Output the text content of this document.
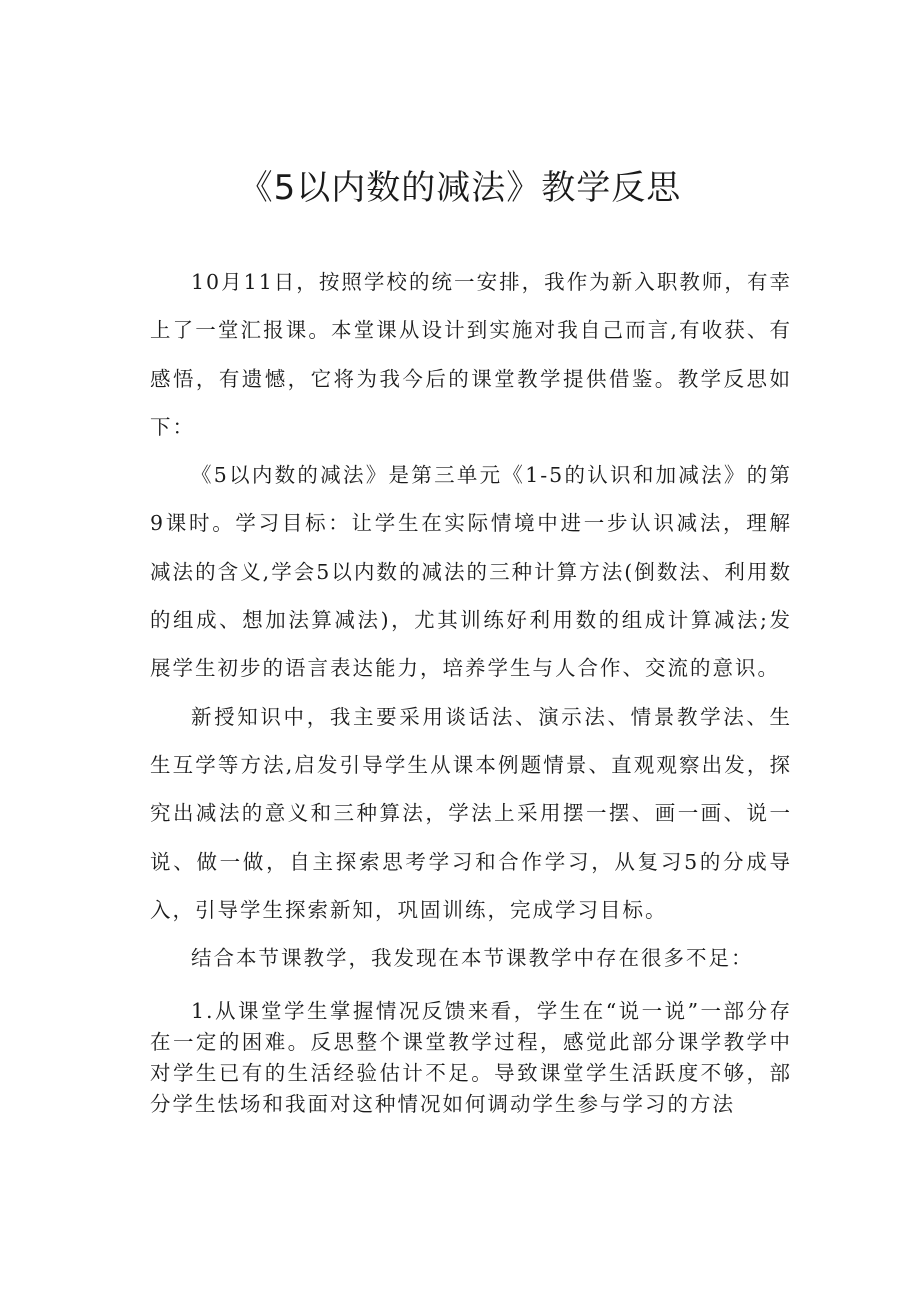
《5以内数的减法》教学反思

10月11日，按照学校的统一安排，我作为新入职教师，有幸上了一堂汇报课。本堂课从设计到实施对我自己而言,有收获、有感悟，有遗憾，它将为我今后的课堂教学提供借鉴。教学反思如下：

《5以内数的减法》是第三单元《1-5的认识和加减法》的第9课时。学习目标：让学生在实际情境中进一步认识减法，理解减法的含义,学会5以内数的减法的三种计算方法(倒数法、利用数的组成、想加法算减法)，尤其训练好利用数的组成计算减法;发展学生初步的语言表达能力，培养学生与人合作、交流的意识。

新授知识中，我主要采用谈话法、演示法、情景教学法、生生互学等方法,启发引导学生从课本例题情景、直观观察出发，探究出减法的意义和三种算法，学法上采用摆一摆、画一画、说一说、做一做，自主探索思考学习和合作学习，从复习5的分成导入，引导学生探索新知，巩固训练，完成学习目标。

结合本节课教学，我发现在本节课教学中存在很多不足：

1.从课堂学生掌握情况反馈来看，学生在“说一说”一部分存在一定的困难。反思整个课堂教学过程，感觉此部分课学教学中对学生已有的生活经验估计不足。导致课堂学生活跃度不够，部分学生怯场和我面对这种情况如何调动学生参与学习的方法
